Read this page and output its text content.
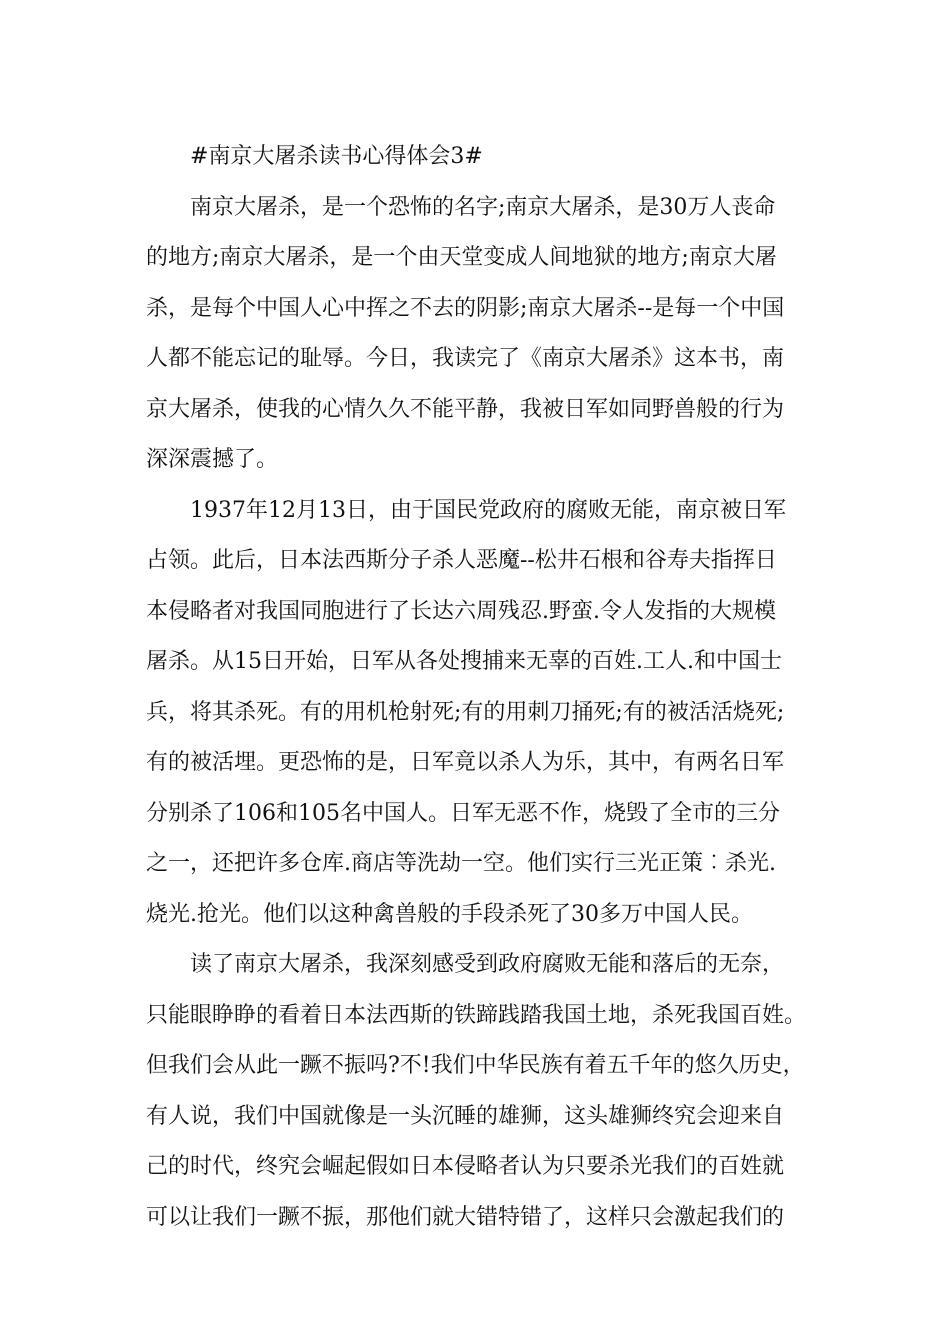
#南京大屠杀读书心得体会3#
南京大屠杀，是一个恐怖的名字;南京大屠杀，是30万人丧命
的地方;南京大屠杀，是一个由天堂变成人间地狱的地方;南京大屠
杀，是每个中国人心中挥之不去的阴影;南京大屠杀--是每一个中国
人都不能忘记的耻辱。今日，我读完了《南京大屠杀》这本书，南
京大屠杀，使我的心情久久不能平静，我被日军如同野兽般的行为
深深震撼了。
1937年12月13日，由于国民党政府的腐败无能，南京被日军
占领。此后，日本法西斯分子杀人恶魔--松井石根和谷寿夫指挥日
本侵略者对我国同胞进行了长达六周残忍.野蛮.令人发指的大规模
屠杀。从15日开始，日军从各处搜捕来无辜的百姓.工人.和中国士
兵，将其杀死。有的用机枪射死;有的用刺刀捅死;有的被活活烧死;
有的被活埋。更恐怖的是，日军竟以杀人为乐，其中，有两名日军
分别杀了106和105名中国人。日军无恶不作，烧毁了全市的三分
之一，还把许多仓库.商店等洗劫一空。他们实行三光正策︰杀光.
烧光.抢光。他们以这种禽兽般的手段杀死了30多万中国人民。
读了南京大屠杀，我深刻感受到政府腐败无能和落后的无奈，
只能眼睁睁的看着日本法西斯的铁蹄践踏我国土地，杀死我国百姓。
但我们会从此一蹶不振吗?不!我们中华民族有着五千年的悠久历史，
有人说，我们中国就像是一头沉睡的雄狮，这头雄狮终究会迎来自
己的时代，终究会崛起假如日本侵略者认为只要杀光我们的百姓就
可以让我们一蹶不振，那他们就大错特错了，这样只会激起我们的
